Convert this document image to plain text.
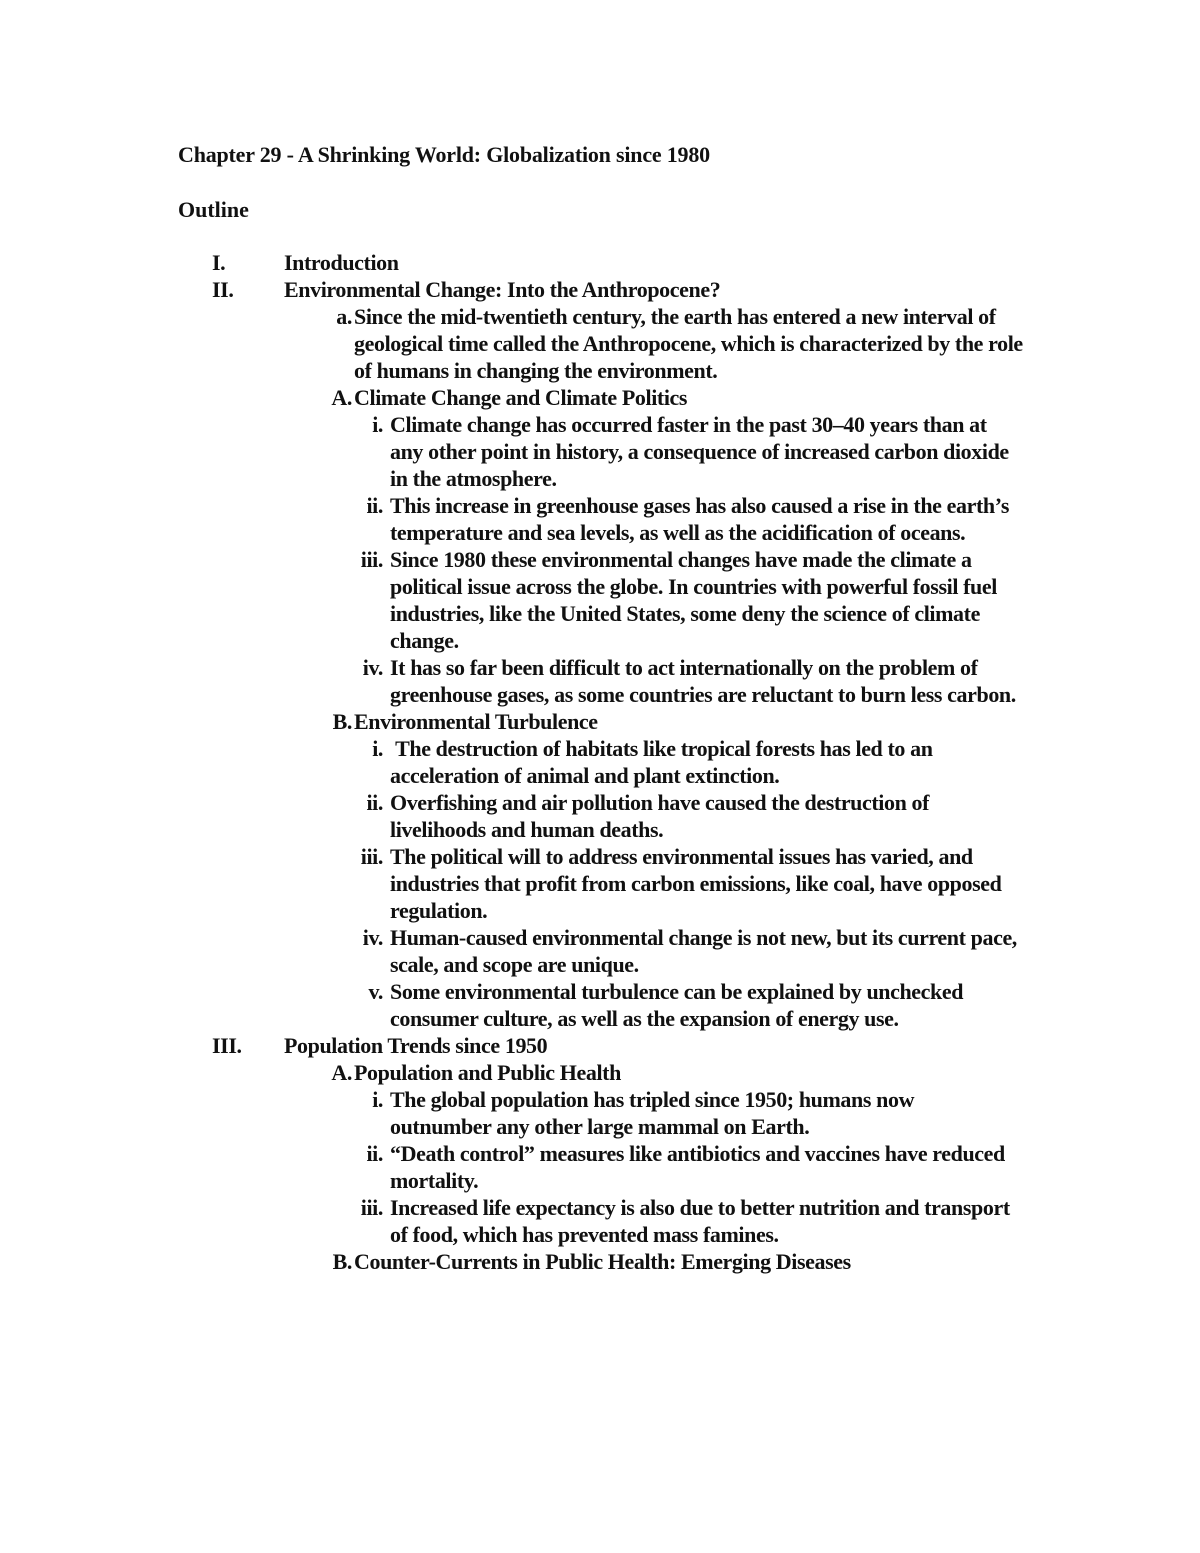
Chapter 29 - A Shrinking World: Globalization since 1980
Outline
I.	Introduction
II. Environmental Change: Into the Anthropocene?
a. Since the mid-twentieth century, the earth has entered a new interval of geological time called the Anthropocene, which is characterized by the role of humans in changing the environment.
A. Climate Change and Climate Politics
i. Climate change has occurred faster in the past 30–40 years than at any other point in history, a consequence of increased carbon dioxide in the atmosphere.
ii. This increase in greenhouse gases has also caused a rise in the earth’s temperature and sea levels, as well as the acidification of oceans.
iii. Since 1980 these environmental changes have made the climate a political issue across the globe. In countries with powerful fossil fuel industries, like the United States, some deny the science of climate change.
iv. It has so far been difficult to act internationally on the problem of greenhouse gases, as some countries are reluctant to burn less carbon.
B. Environmental Turbulence
i. The destruction of habitats like tropical forests has led to an acceleration of animal and plant extinction.
ii. Overfishing and air pollution have caused the destruction of livelihoods and human deaths.
iii. The political will to address environmental issues has varied, and industries that profit from carbon emissions, like coal, have opposed regulation.
iv. Human-caused environmental change is not new, but its current pace, scale, and scope are unique.
v. Some environmental turbulence can be explained by unchecked consumer culture, as well as the expansion of energy use.
III. Population Trends since 1950
A. Population and Public Health
i. The global population has tripled since 1950; humans now outnumber any other large mammal on Earth.
ii. “Death control” measures like antibiotics and vaccines have reduced mortality.
iii. Increased life expectancy is also due to better nutrition and transport of food, which has prevented mass famines.
B. Counter-Currents in Public Health: Emerging Diseases
